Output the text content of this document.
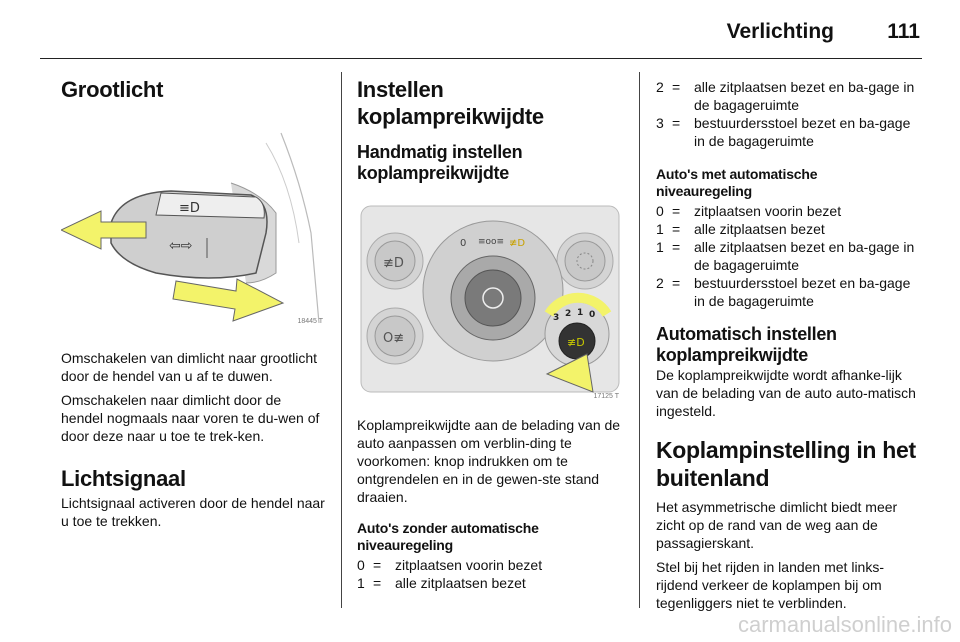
Verlichting	111
Grootlicht
≡D
⇦⇨
18445 T

Omschakelen van dimlicht naar grootlicht door de hendel van u af te duwen.

Omschakelen naar dimlicht door de hendel nogmaals naar voren te du-wen of door deze naar u toe te trek-ken.

Lichtsignaal

Lichtsignaal activeren door de hendel naar u toe te trekken.

Instellen koplampreikwijdte
Handmatig instellen koplampreikwijdte
≢D
O≢
0 ≡oo≡ ≢D
3 2 1 0
≢D
17125 T

Koplampreikwijdte aan de belading van de auto aanpassen om verblin-ding te voorkomen: knop indrukken om te ontgrendelen en in de gewen-ste stand draaien.

Auto's zonder automatische niveauregeling
0 = zitplaatsen voorin bezet
1 = alle zitplaatsen bezet
2 = alle zitplaatsen bezet en ba-gage in de bagageruimte
3 = bestuurdersstoel bezet en ba-gage in de bagageruimte
Auto's met automatische niveauregeling
0 = zitplaatsen voorin bezet
1 = alle zitplaatsen bezet
1 = alle zitplaatsen bezet en ba-gage in de bagageruimte
2 = bestuurdersstoel bezet en ba-gage in de bagageruimte
Automatisch instellen koplampreikwijdte

De koplampreikwijdte wordt afhanke-lijk van de belading van de auto auto-matisch ingesteld.

Koplampinstelling in het buitenland

Het asymmetrische dimlicht biedt meer zicht op de rand van de weg aan de passagierskant.

Stel bij het rijden in landen met links-rijdend verkeer de koplampen bij om tegenliggers niet te verblinden.

carmanualsonline.info
